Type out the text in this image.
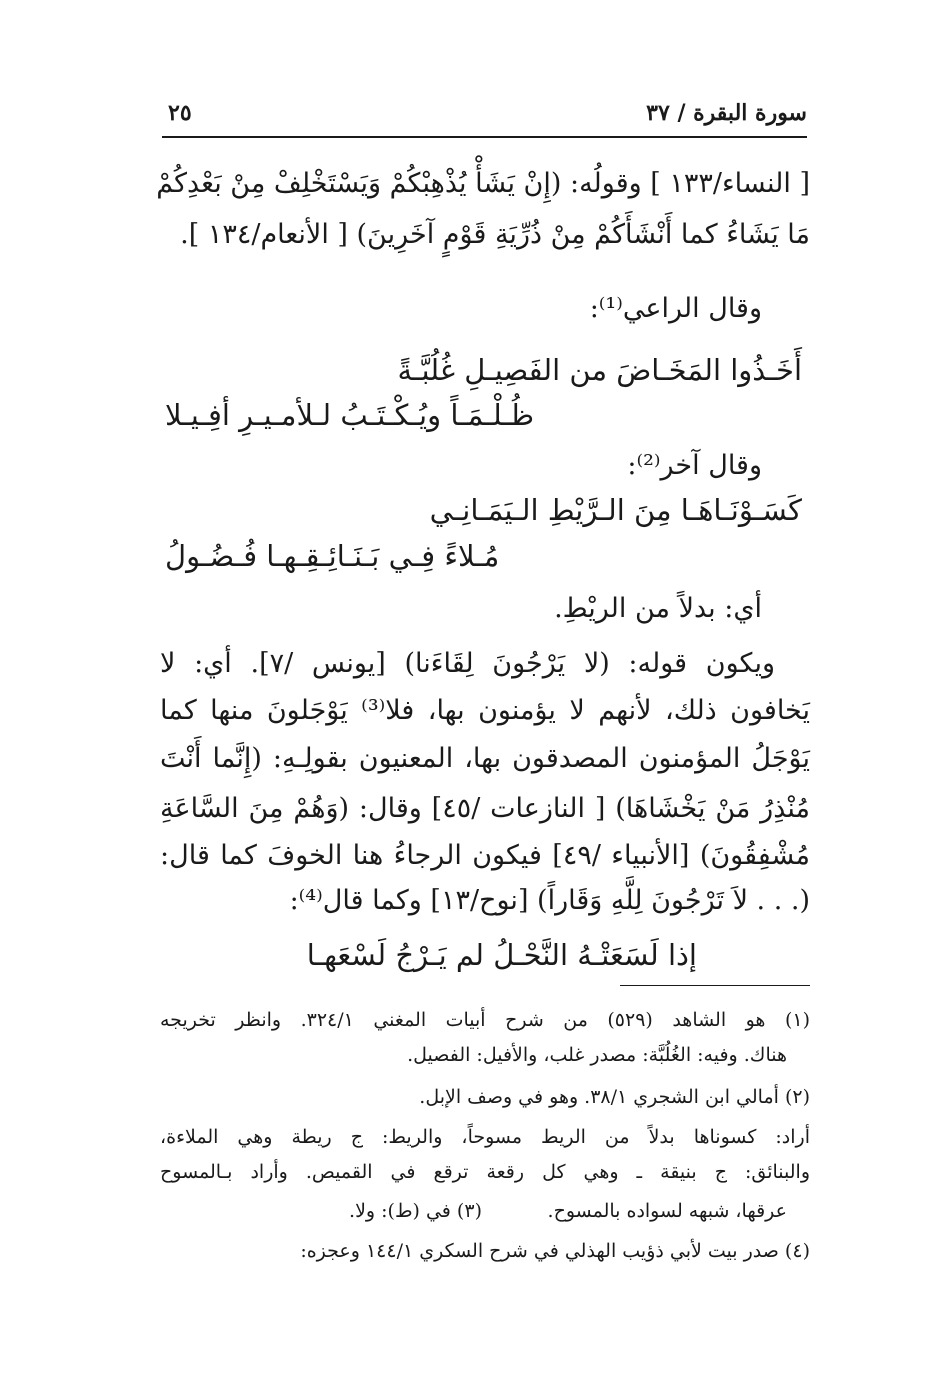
سورة البقرة / ٣٧
٢٥
[ النساء/١٣٣ ] وقولُه: (إِنْ يَشَأْ يُذْهِبْكُمْ وَيَسْتَخْلِفْ مِنْ بَعْدِكُمْ
مَا يَشَاءُ كما أَنْشَأَكُمْ مِنْ ذُرِّيَةِ قَوْمٍ آخَرِينَ) [ الأنعام/١٣٤ ].
وقال الراعي⁽¹⁾:
أَخَـذُوا المَخَـاضَ من الفَصِيـلِ غُلُبَّـةً
ظُـلْـمَـاً ويُـكْـتَـبُ لـلأمـيـرِ أفِـيـلا
وقال آخر⁽²⁾:
كَسَـوْنَـاهَـا مِنَ الـرَّيْطِ الـيَمَـانِـي
مُـلاءً فِـي بَـنَـائِـقِـهـا فُـضُـولُ
أي: بدلاً من الريْطِ.
ويكون قوله: (لا يَرْجُونَ لِقَاءَنا) [يونس /٧]. أي: لا
يَخافون ذلك، لأنهم لا يؤمنون بها، فلا⁽³⁾ يَوْجَلونَ منها كما
يَوْجَلُ المؤمنون المصدقون بها، المعنيون بقولِـهِ: (إِنَّما أَنْتَ
مُنْذِرُ مَنْ يَخْشَاهَا) [ النازعات /٤٥] وقال: (وَهُمْ مِنَ السَّاعَةِ
مُشْفِقُونَ) [الأنبياء /٤٩] فيكون الرجاءُ هنا الخوفَ كما قال:
(. . . لاَ تَرْجُونَ لِلَّهِ وَقَاراً) [نوح/١٣] وكما قال⁽⁴⁾:
إذا لَسَعَتْـهُ النَّحْـلُ لم يَـرْجُ لَسْعَهـا
(١) هو الشاهد (٥٢٩) من شرح أبيات المغني ٣٢٤/١. وانظر تخريجه
هناك. وفيه: الغُلُبَّة: مصدر غلب، والأفيل: الفصيل.
(٢) أمالي ابن الشجري ٣٨/١. وهو في وصف الإبل.
أراد: كسوناها بدلاً من الريط مسوحاً، والريط: ج ريطة وهي الملاءة،
والبنائق: ج بنيقة ـ وهي كل رقعة ترقع في القميص. وأراد بـالمسوح
عرقها، شبهه لسواده بالمسوح.
(٣) في (ط): ولا.
(٤) صدر بيت لأبي ذؤيب الهذلي في شرح السكري ١٤٤/١ وعجزه:
